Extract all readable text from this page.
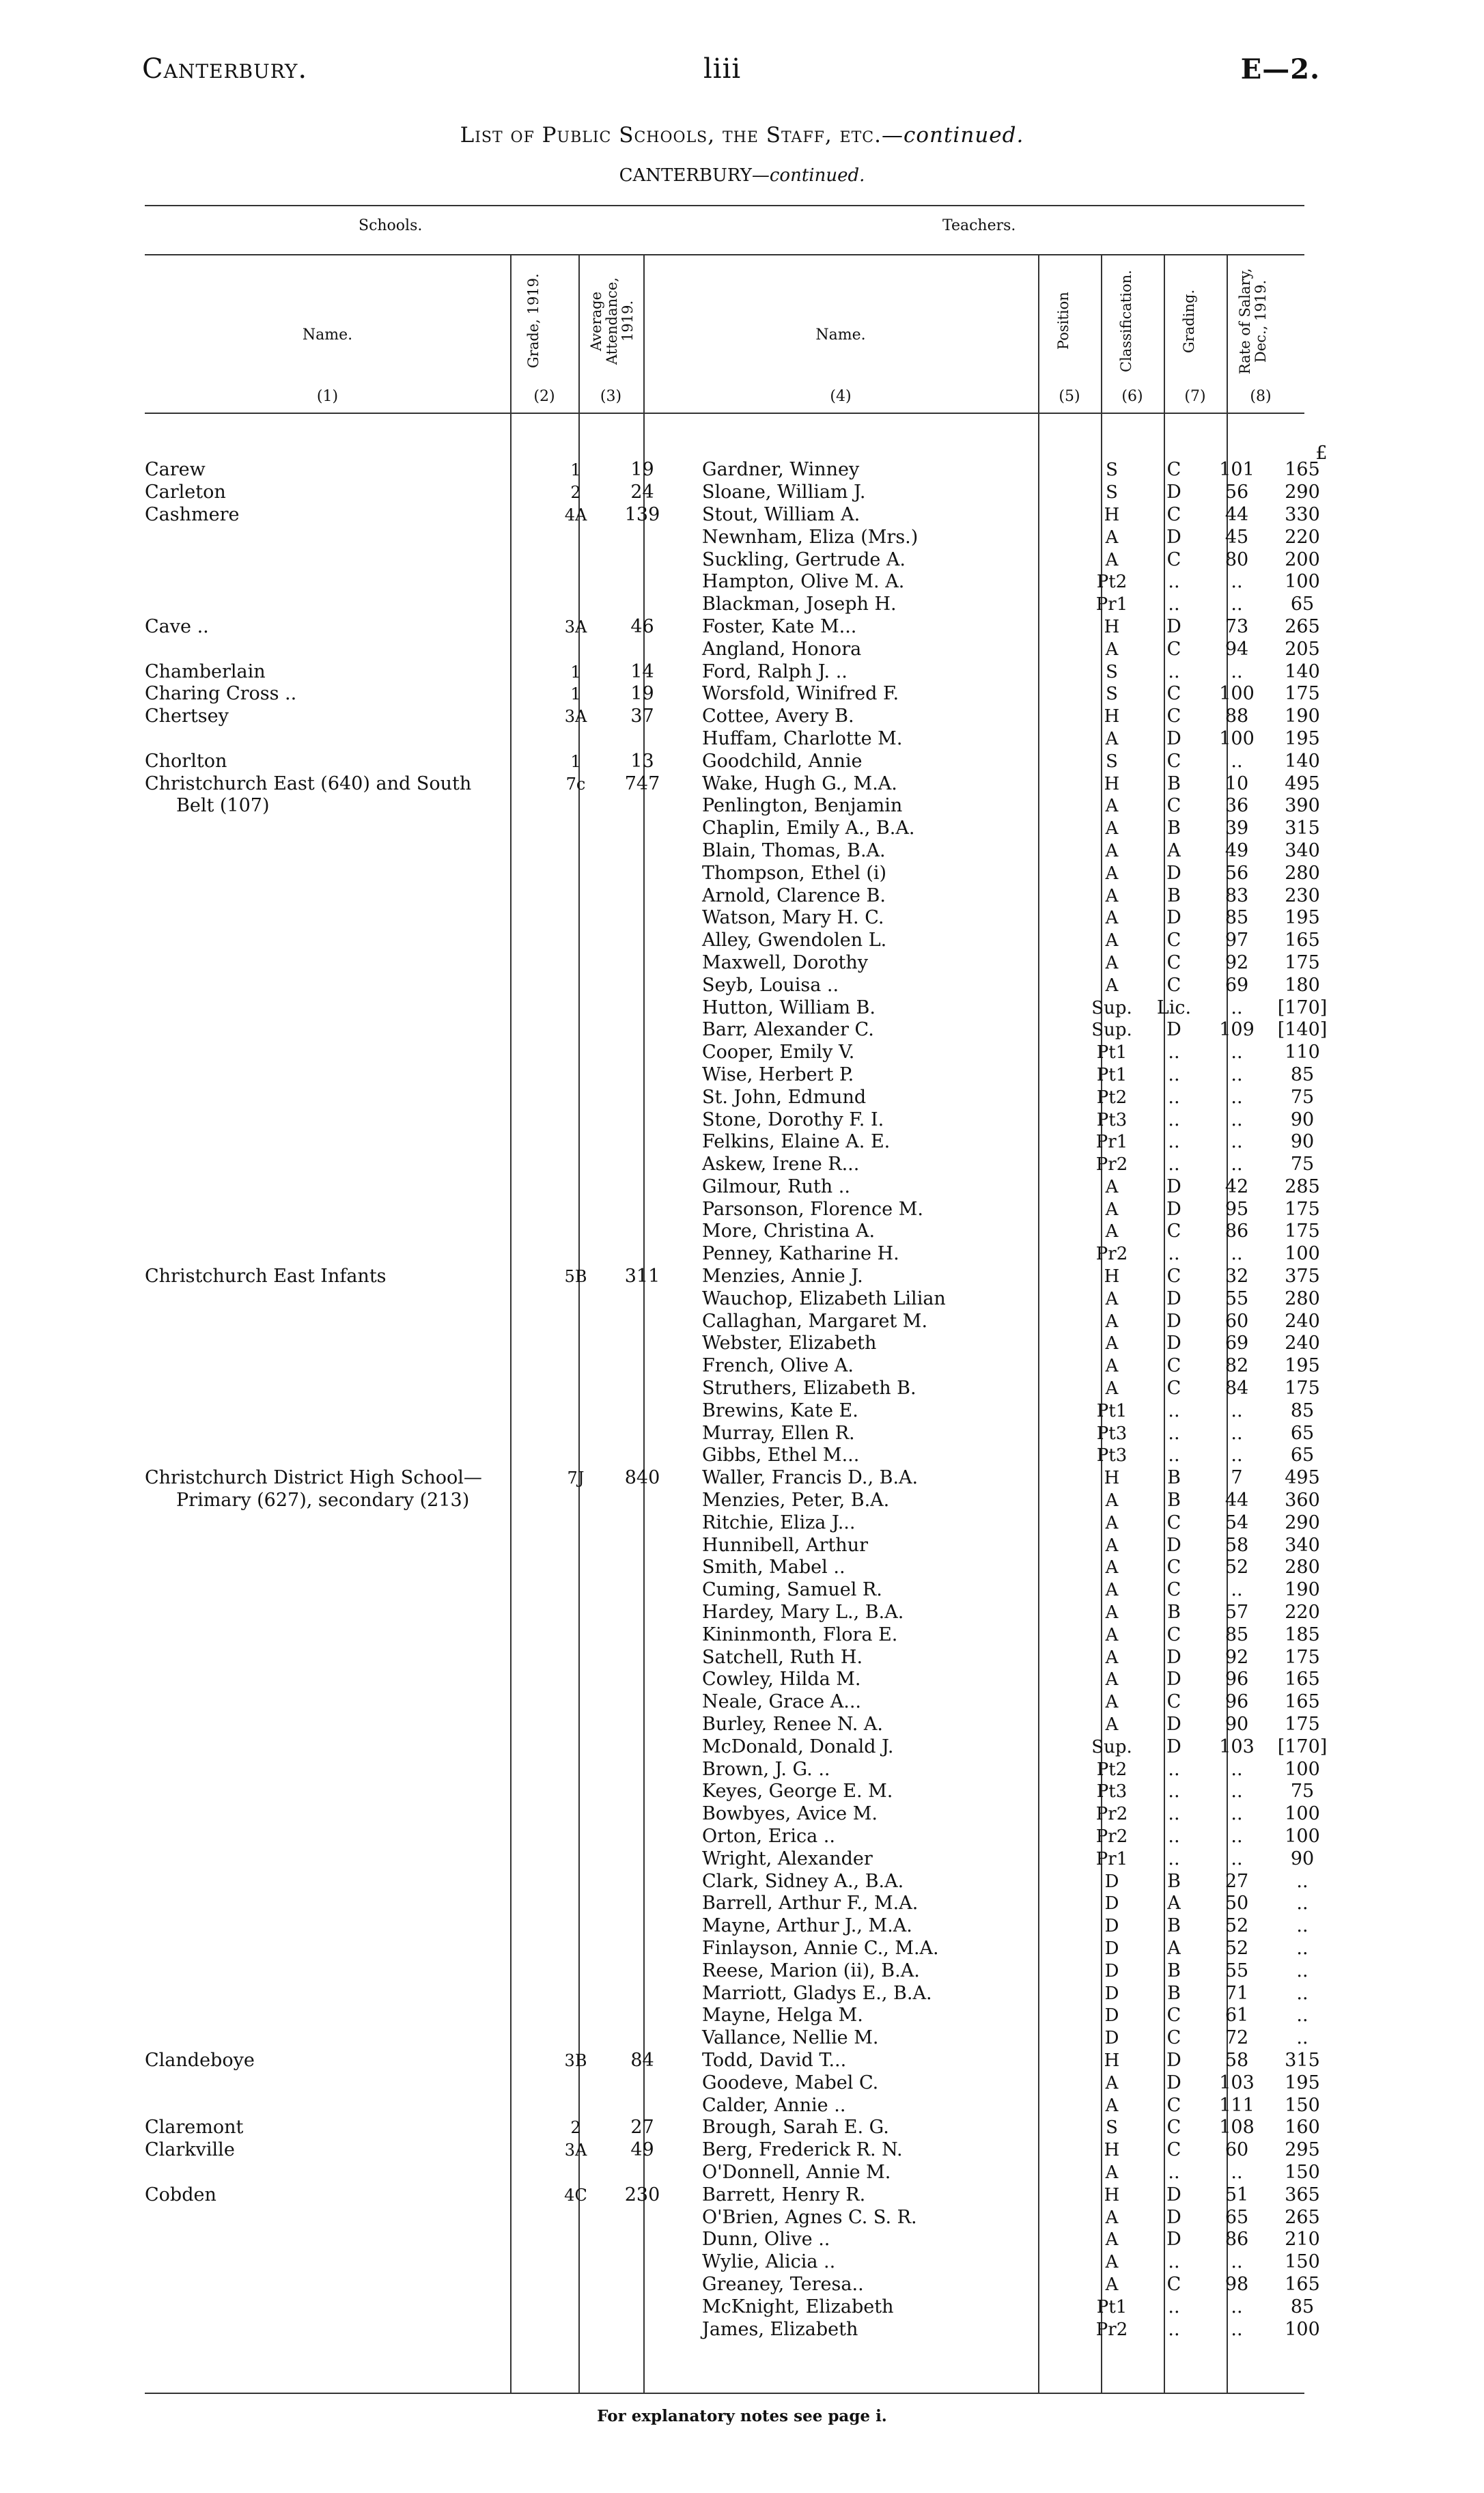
Canterbury.	liii	E—2.
List of Public Schools, the Staff, etc.—continued.
CANTERBURY—continued.
Schools.	Teachers.
Name.	Grade, 1919.	Average Attendance, 1919.	Name.	Position	Classification.	Grading.	Rate of Salary, Dec., 1919.
(1)	(2)	(3)	(4)	(5)	(6)	(7)	(8)
£
Carew	1	19	Gardner, Winney	S	C	101	165
Carleton	2	24	Sloane, William J.	S	D	56	290
Cashmere	4A	139	Stout, William A.	H	C	44	330
			Newnham, Eliza (Mrs.)	A	D	45	220
			Suckling, Gertrude A.	A	C	80	200
			Hampton, Olive M. A.	Pt2	..	..	100
			Blackman, Joseph H.	Pr1	..	..	65
Cave ..	3A	46	Foster, Kate M...	H	D	73	265
			Angland, Honora	A	C	94	205
Chamberlain	1	14	Ford, Ralph J. ..	S	..	..	140
Charing Cross ..	1	19	Worsfold, Winifred F.	S	C	100	175
Chertsey	3A	37	Cottee, Avery B.	H	C	88	190
			Huffam, Charlotte M.	A	D	100	195
Chorlton	1	13	Goodchild, Annie	S	C	..	140
Christchurch East (640) and South	7c	747	Wake, Hugh G., M.A.	H	B	10	495
Belt (107)			Penlington, Benjamin	A	C	36	390
			Chaplin, Emily A., B.A.	A	B	39	315
			Blain, Thomas, B.A.	A	A	49	340
			Thompson, Ethel (i)	A	D	56	280
			Arnold, Clarence B.	A	B	83	230
			Watson, Mary H. C.	A	D	85	195
			Alley, Gwendolen L.	A	C	97	165
			Maxwell, Dorothy	A	C	92	175
			Seyb, Louisa ..	A	C	69	180
			Hutton, William B.	Sup.	Lic.	..	[170]
			Barr, Alexander C.	Sup.	D	109	[140]
			Cooper, Emily V.	Pt1	..	..	110
			Wise, Herbert P.	Pt1	..	..	85
			St. John, Edmund	Pt2	..	..	75
			Stone, Dorothy F. I.	Pt3	..	..	90
			Felkins, Elaine A. E.	Pr1	..	..	90
			Askew, Irene R...	Pr2	..	..	75
			Gilmour, Ruth ..	A	D	42	285
			Parsonson, Florence M.	A	D	95	175
			More, Christina A.	A	C	86	175
			Penney, Katharine H.	Pr2	..	..	100
Christchurch East Infants	5B	311	Menzies, Annie J.	H	C	32	375
			Wauchop, Elizabeth Lilian	A	D	55	280
			Callaghan, Margaret M.	A	D	60	240
			Webster, Elizabeth	A	D	69	240
			French, Olive A.	A	C	82	195
			Struthers, Elizabeth B.	A	C	84	175
			Brewins, Kate E.	Pt1	..	..	85
			Murray, Ellen R.	Pt3	..	..	65
			Gibbs, Ethel M...	Pt3	..	..	65
Christchurch District High School—	7J	840	Waller, Francis D., B.A.	H	B	7	495
Primary (627), secondary (213)			Menzies, Peter, B.A.	A	B	44	360
			Ritchie, Eliza J...	A	C	54	290
			Hunnibell, Arthur	A	D	58	340
			Smith, Mabel ..	A	C	52	280
			Cuming, Samuel R.	A	C	..	190
			Hardey, Mary L., B.A.	A	B	57	220
			Kininmonth, Flora E.	A	C	85	185
			Satchell, Ruth H.	A	D	92	175
			Cowley, Hilda M.	A	D	96	165
			Neale, Grace A...	A	C	96	165
			Burley, Renee N. A.	A	D	90	175
			McDonald, Donald J.	Sup.	D	103	[170]
			Brown, J. G. ..	Pt2	..	..	100
			Keyes, George E. M.	Pt3	..	..	75
			Bowbyes, Avice M.	Pr2	..	..	100
			Orton, Erica ..	Pr2	..	..	100
			Wright, Alexander	Pr1	..	..	90
			Clark, Sidney A., B.A.	D	B	27	..
			Barrell, Arthur F., M.A.	D	A	50	..
			Mayne, Arthur J., M.A.	D	B	52	..
			Finlayson, Annie C., M.A.	D	A	52	..
			Reese, Marion (ii), B.A.	D	B	55	..
			Marriott, Gladys E., B.A.	D	B	71	..
			Mayne, Helga M.	D	C	61	..
			Vallance, Nellie M.	D	C	72	..
Clandeboye	3B	84	Todd, David T...	H	D	58	315
			Goodeve, Mabel C.	A	D	103	195
			Calder, Annie ..	A	C	111	150
Claremont	2	27	Brough, Sarah E. G.	S	C	108	160
Clarkville	3A	49	Berg, Frederick R. N.	H	C	60	295
			O'Donnell, Annie M.	A	..	..	150
Cobden	4C	230	Barrett, Henry R.	H	D	51	365
			O'Brien, Agnes C. S. R.	A	D	65	265
			Dunn, Olive ..	A	D	86	210
			Wylie, Alicia ..	A	..	..	150
			Greaney, Teresa..	A	C	98	165
			McKnight, Elizabeth	Pt1	..	..	85
			James, Elizabeth	Pr2	..	..	100
For explanatory notes see page i.
